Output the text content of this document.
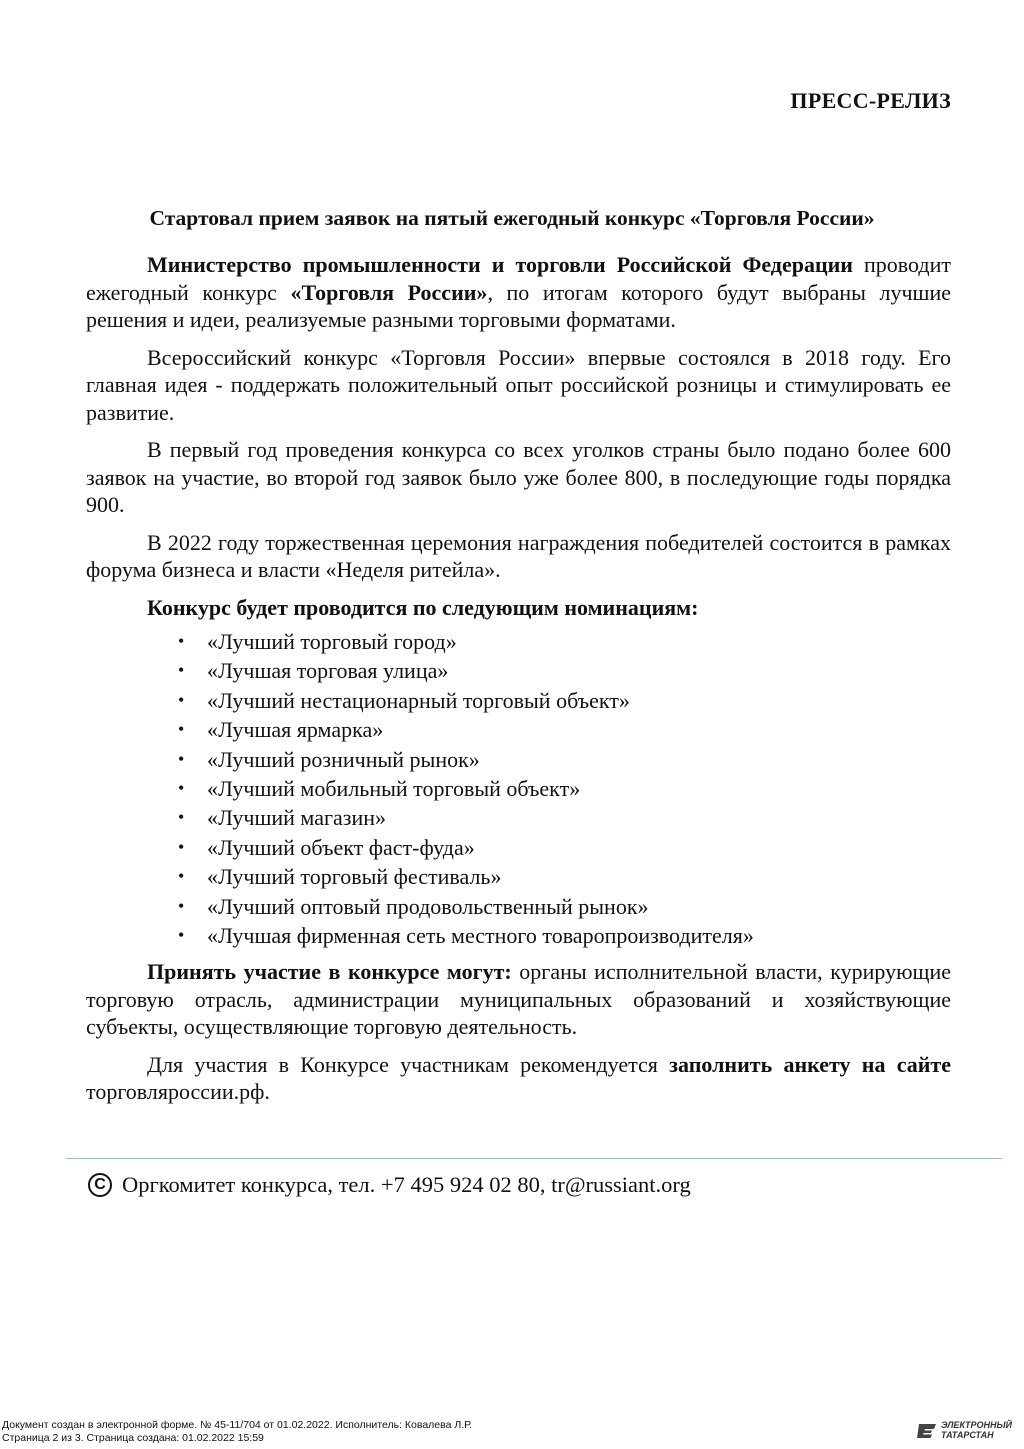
ПРЕСС-РЕЛИЗ
Стартовал прием заявок на пятый ежегодный конкурс «Торговля России»

Министерство промышленности и торговли Российской Федерации проводит ежегодный конкурс «Торговля России», по итогам которого будут выбраны лучшие решения и идеи, реализуемые разными торговыми форматами.

Всероссийский конкурс «Торговля России» впервые состоялся в 2018 году. Его главная идея - поддержать положительный опыт российской розницы и стимулировать ее развитие.

В первый год проведения конкурса со всех уголков страны было подано более 600 заявок на участие, во второй год заявок было уже более 800, в последующие годы порядка 900.

В 2022 году торжественная церемония награждения победителей состоится в рамках форума бизнеса и власти «Неделя ритейла».

Конкурс будет проводится по следующим номинациям:

• «Лучший торговый город»
• «Лучшая торговая улица»
• «Лучший нестационарный торговый объект»
• «Лучшая ярмарка»
• «Лучший розничный рынок»
• «Лучший мобильный торговый объект»
• «Лучший магазин»
• «Лучший объект фаст-фуда»
• «Лучший торговый фестиваль»
• «Лучший оптовый продовольственный рынок»
• «Лучшая фирменная сеть местного товаропроизводителя»

Принять участие в конкурсе могут: органы исполнительной власти, курирующие торговую отрасль, администрации муниципальных образований и хозяйствующие субъекты, осуществляющие торговую деятельность.

Для участия в Конкурсе участникам рекомендуется заполнить анкету на сайте торговляроссии.рф.

C Оргкомитет конкурса, тел. +7 495 924 02 80, tr@russiant.org
Документ создан в электронной форме. № 45-11/704 от 01.02.2022. Исполнитель: Ковалева Л.Р.
Страница 2 из 3. Страница создана: 01.02.2022 15:59
ЭЛЕКТРОННЫЙ
ТАТАРСТАН
